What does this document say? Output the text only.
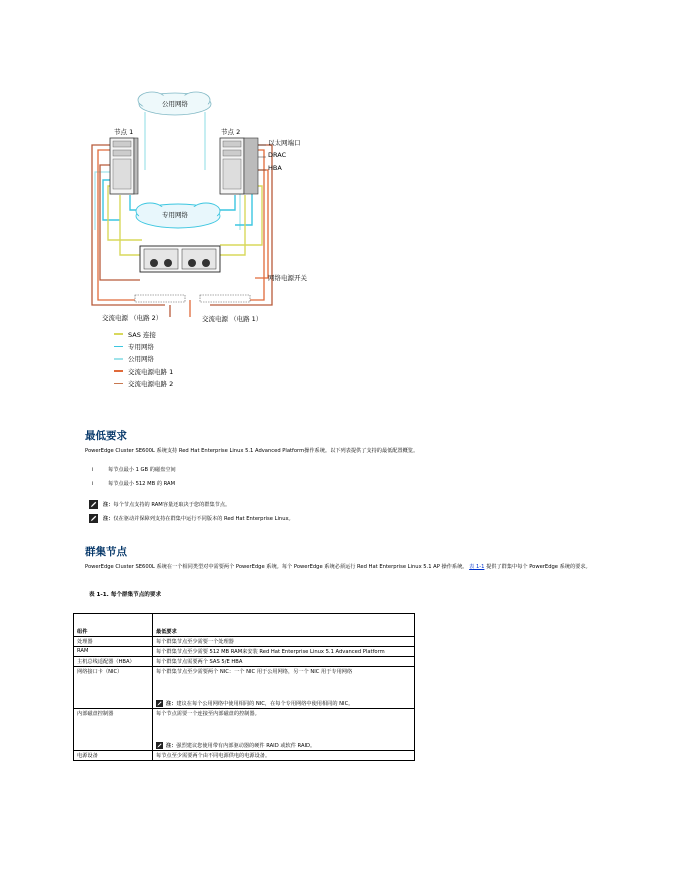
公用网络
专用网络
节点 1	节点 2
以太网端口
DRAC
HBA
网络电源开关
交流电源 （电路 2）	交流电源 （电路 1）
SAS 连接
专用网络
公用网络
交流电源电路 1
交流电源电路 2
最低要求
PowerEdge Cluster SE600L 系统支持 Red Hat Enterprise Linux 5.1 Advanced Platform操作系统。以下列表提供了支持的最低配置概览。
i	每节点最小 1 GB 的磁盘空间
i	每节点最小 512 MB 的 RAM
注： 每个节点支持的 RAM容量还取决于您的群集节点。
注： 仅在驱动并保障列支持在群集中运行不同版本的 Red Hat Enterprise Linux。
群集节点
PowerEdge Cluster SE600L 系统在一个相同类型对中需要两个 PowerEdge 系统。每个 PowerEdge 系统必须运行 Red Hat Enterprise Linux 5.1 AP 操作系统。 表 1-1 提供了群集中每个 PowerEdge 系统的要求。
表 1-1. 每个群集节点的要求
组件	最低要求
处理器	每个群集节点至少需要一个处理器
RAM	每个群集节点至少需要 512 MB RAM来安装 Red Hat Enterprise Linux 5.1 Advanced Platform
主机总线适配器（HBA）	每个群集节点需要两个 SAS 5/E HBA
网络接口卡（NIC）	每个群集节点至少需要两个 NIC：一个 NIC 用于公用网络，另一个 NIC 用于专用网络
注： 建议在每个公用网络中使用相同的 NIC，在每个专用网络中使用相同的 NIC。

内部磁盘控制器	每个节点需要一个连接至内部磁盘的控制器。
注： 强烈建议您使用带有内部驱动器的硬件 RAID 或软件 RAID。

电源设备	每节点至少需要两个由不同电源供电的电源设备。
